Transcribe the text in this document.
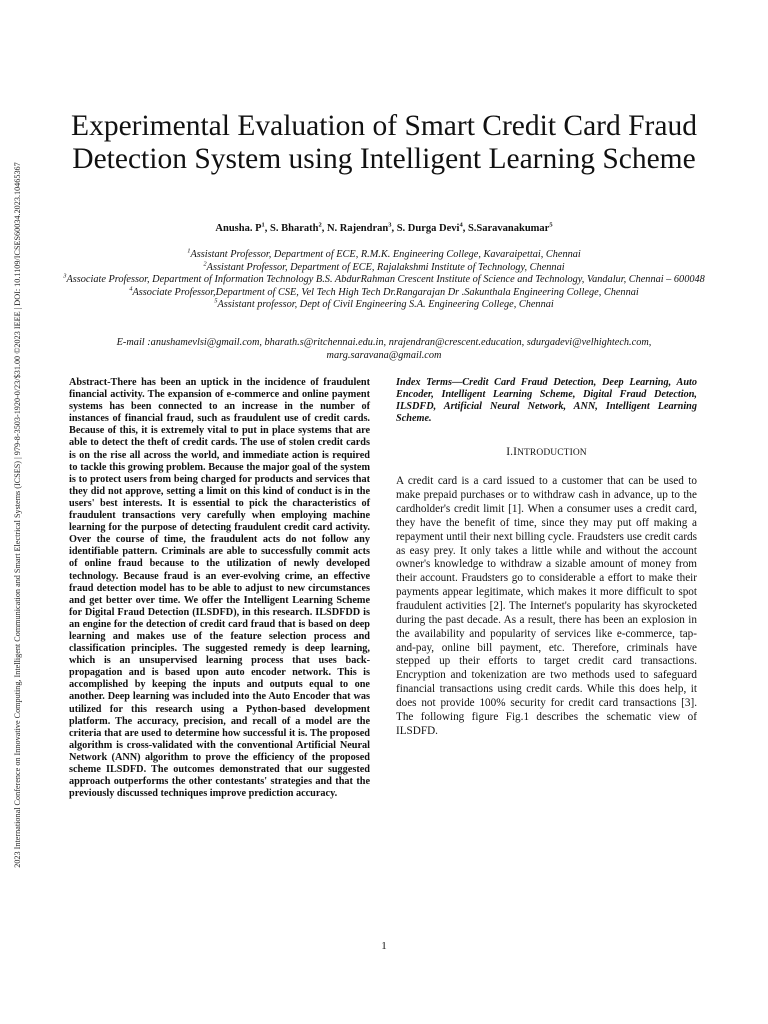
2023 International Conference on Innovative Computing, Intelligent Communication and Smart Electrical Systems (ICSES) | 979-8-3503-1920-0/23/$31.00 ©2023 IEEE | DOI: 10.1109/ICSES60034.2023.10465367
Experimental Evaluation of Smart Credit Card Fraud Detection System using Intelligent Learning Scheme
Anusha. $P^1$, S. Bharath$^2$, N. Rajendran$^3$, S. Durga Devi$^4$, S.Saravanakumar$^5$
$^1$Assistant Professor, Department of ECE, R.M.K. Engineering College, Kavaraipettai, Chennai
$^2$Assistant Professor, Department of ECE, Rajalakshmi Institute of Technology, Chennai
$^3$Associate Professor, Department of Information Technology B.S. AbdurRahman Crescent Institute of Science and Technology, Vandalur, Chennai – 600048
$^4$Associate Professor,Department of CSE, Vel Tech High Tech Dr.Rangarajan Dr .Sakunthala Engineering College, Chennai
$^5$Assistant professor, Dept of Civil Engineering S.A. Engineering College, Chennai
E-mail :anushamevlsi@gmail.com, bharath.s@ritchennai.edu.in, nrajendran@crescent.education, sdurgadevi@velhightech.com, marg.saravana@gmail.com
Abstract-There has been an uptick in the incidence of fraudulent financial activity. The expansion of e-commerce and online payment systems has been connected to an increase in the number of instances of financial fraud, such as fraudulent use of credit cards. Because of this, it is extremely vital to put in place systems that are able to detect the theft of credit cards. The use of stolen credit cards is on the rise all across the world, and immediate action is required to tackle this growing problem. Because the major goal of the system is to protect users from being charged for products and services that they did not approve, setting a limit on this kind of conduct is in the users' best interests. It is essential to pick the characteristics of fraudulent transactions very carefully when employing machine learning for the purpose of detecting fraudulent credit card activity. Over the course of time, the fraudulent acts do not follow any identifiable pattern. Criminals are able to successfully commit acts of online fraud because to the utilization of newly developed technology. Because fraud is an ever-evolving crime, an effective fraud detection model has to be able to adjust to new circumstances and get better over time. We offer the Intelligent Learning Scheme for Digital Fraud Detection (ILSDFD), in this research. ILSDFDD is an engine for the detection of credit card fraud that is based on deep learning and makes use of the feature selection process and classification principles. The suggested remedy is deep learning, which is an unsupervised learning process that uses back-propagation and is based upon auto encoder network. This is accomplished by keeping the inputs and outputs equal to one another. Deep learning was included into the Auto Encoder that was utilized for this research using a Python-based development platform. The accuracy, precision, and recall of a model are the criteria that are used to determine how successful it is. The proposed algorithm is cross-validated with the conventional Artificial Neural Network (ANN) algorithm to prove the efficiency of the proposed scheme ILSDFD. The outcomes demonstrated that our suggested approach outperforms the other contestants' strategies and that the previously discussed techniques improve prediction accuracy.

Index Terms—Credit Card Fraud Detection, Deep Learning, Auto Encoder, Intelligent Learning Scheme, Digital Fraud Detection, ILSDFD, Artificial Neural Network, ANN, Intelligent Learning Scheme.

I.INTRODUCTION

A credit card is a card issued to a customer that can be used to make prepaid purchases or to withdraw cash in advance, up to the cardholder's credit limit [1]. When a consumer uses a credit card, they have the benefit of time, since they may put off making a repayment until their next billing cycle. Fraudsters use credit cards as easy prey. It only takes a little while and without the account owner's knowledge to withdraw a sizable amount of money from their account. Fraudsters go to considerable a effort to make their payments appear legitimate, which makes it more difficult to spot fraudulent activities [2]. The Internet's popularity has skyrocketed during the past decade. As a result, there has been an explosion in the availability and popularity of services like e-commerce, tap-and-pay, online bill payment, etc. Therefore, criminals have stepped up their efforts to target credit card transactions. Encryption and tokenization are two methods used to safeguard financial transactions using credit cards. While this does help, it does not provide 100% security for credit card transactions [3]. The following figure Fig.1 describes the schematic view of ILSDFD.

1
